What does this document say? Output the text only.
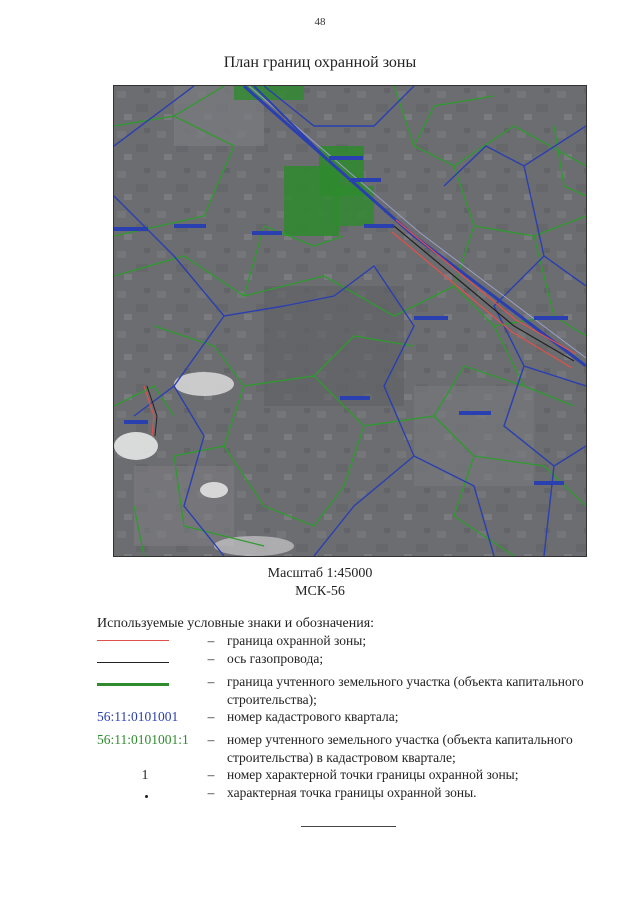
48
План границ охранной зоны
Масштаб 1:45000
МСК-56
Используемые условные знаки и обозначения:
– граница охранной зоны;
– ось газопровода;
– граница учтенного земельного участка (объекта капитального строительства);
56:11:0101001 – номер кадастрового квартала;
56:11:0101001:1 – номер учтенного земельного участка (объекта капитального строительства) в кадастровом квартале;
1	– номер характерной точки границы охранной зоны;
– характерная точка границы охранной зоны.
